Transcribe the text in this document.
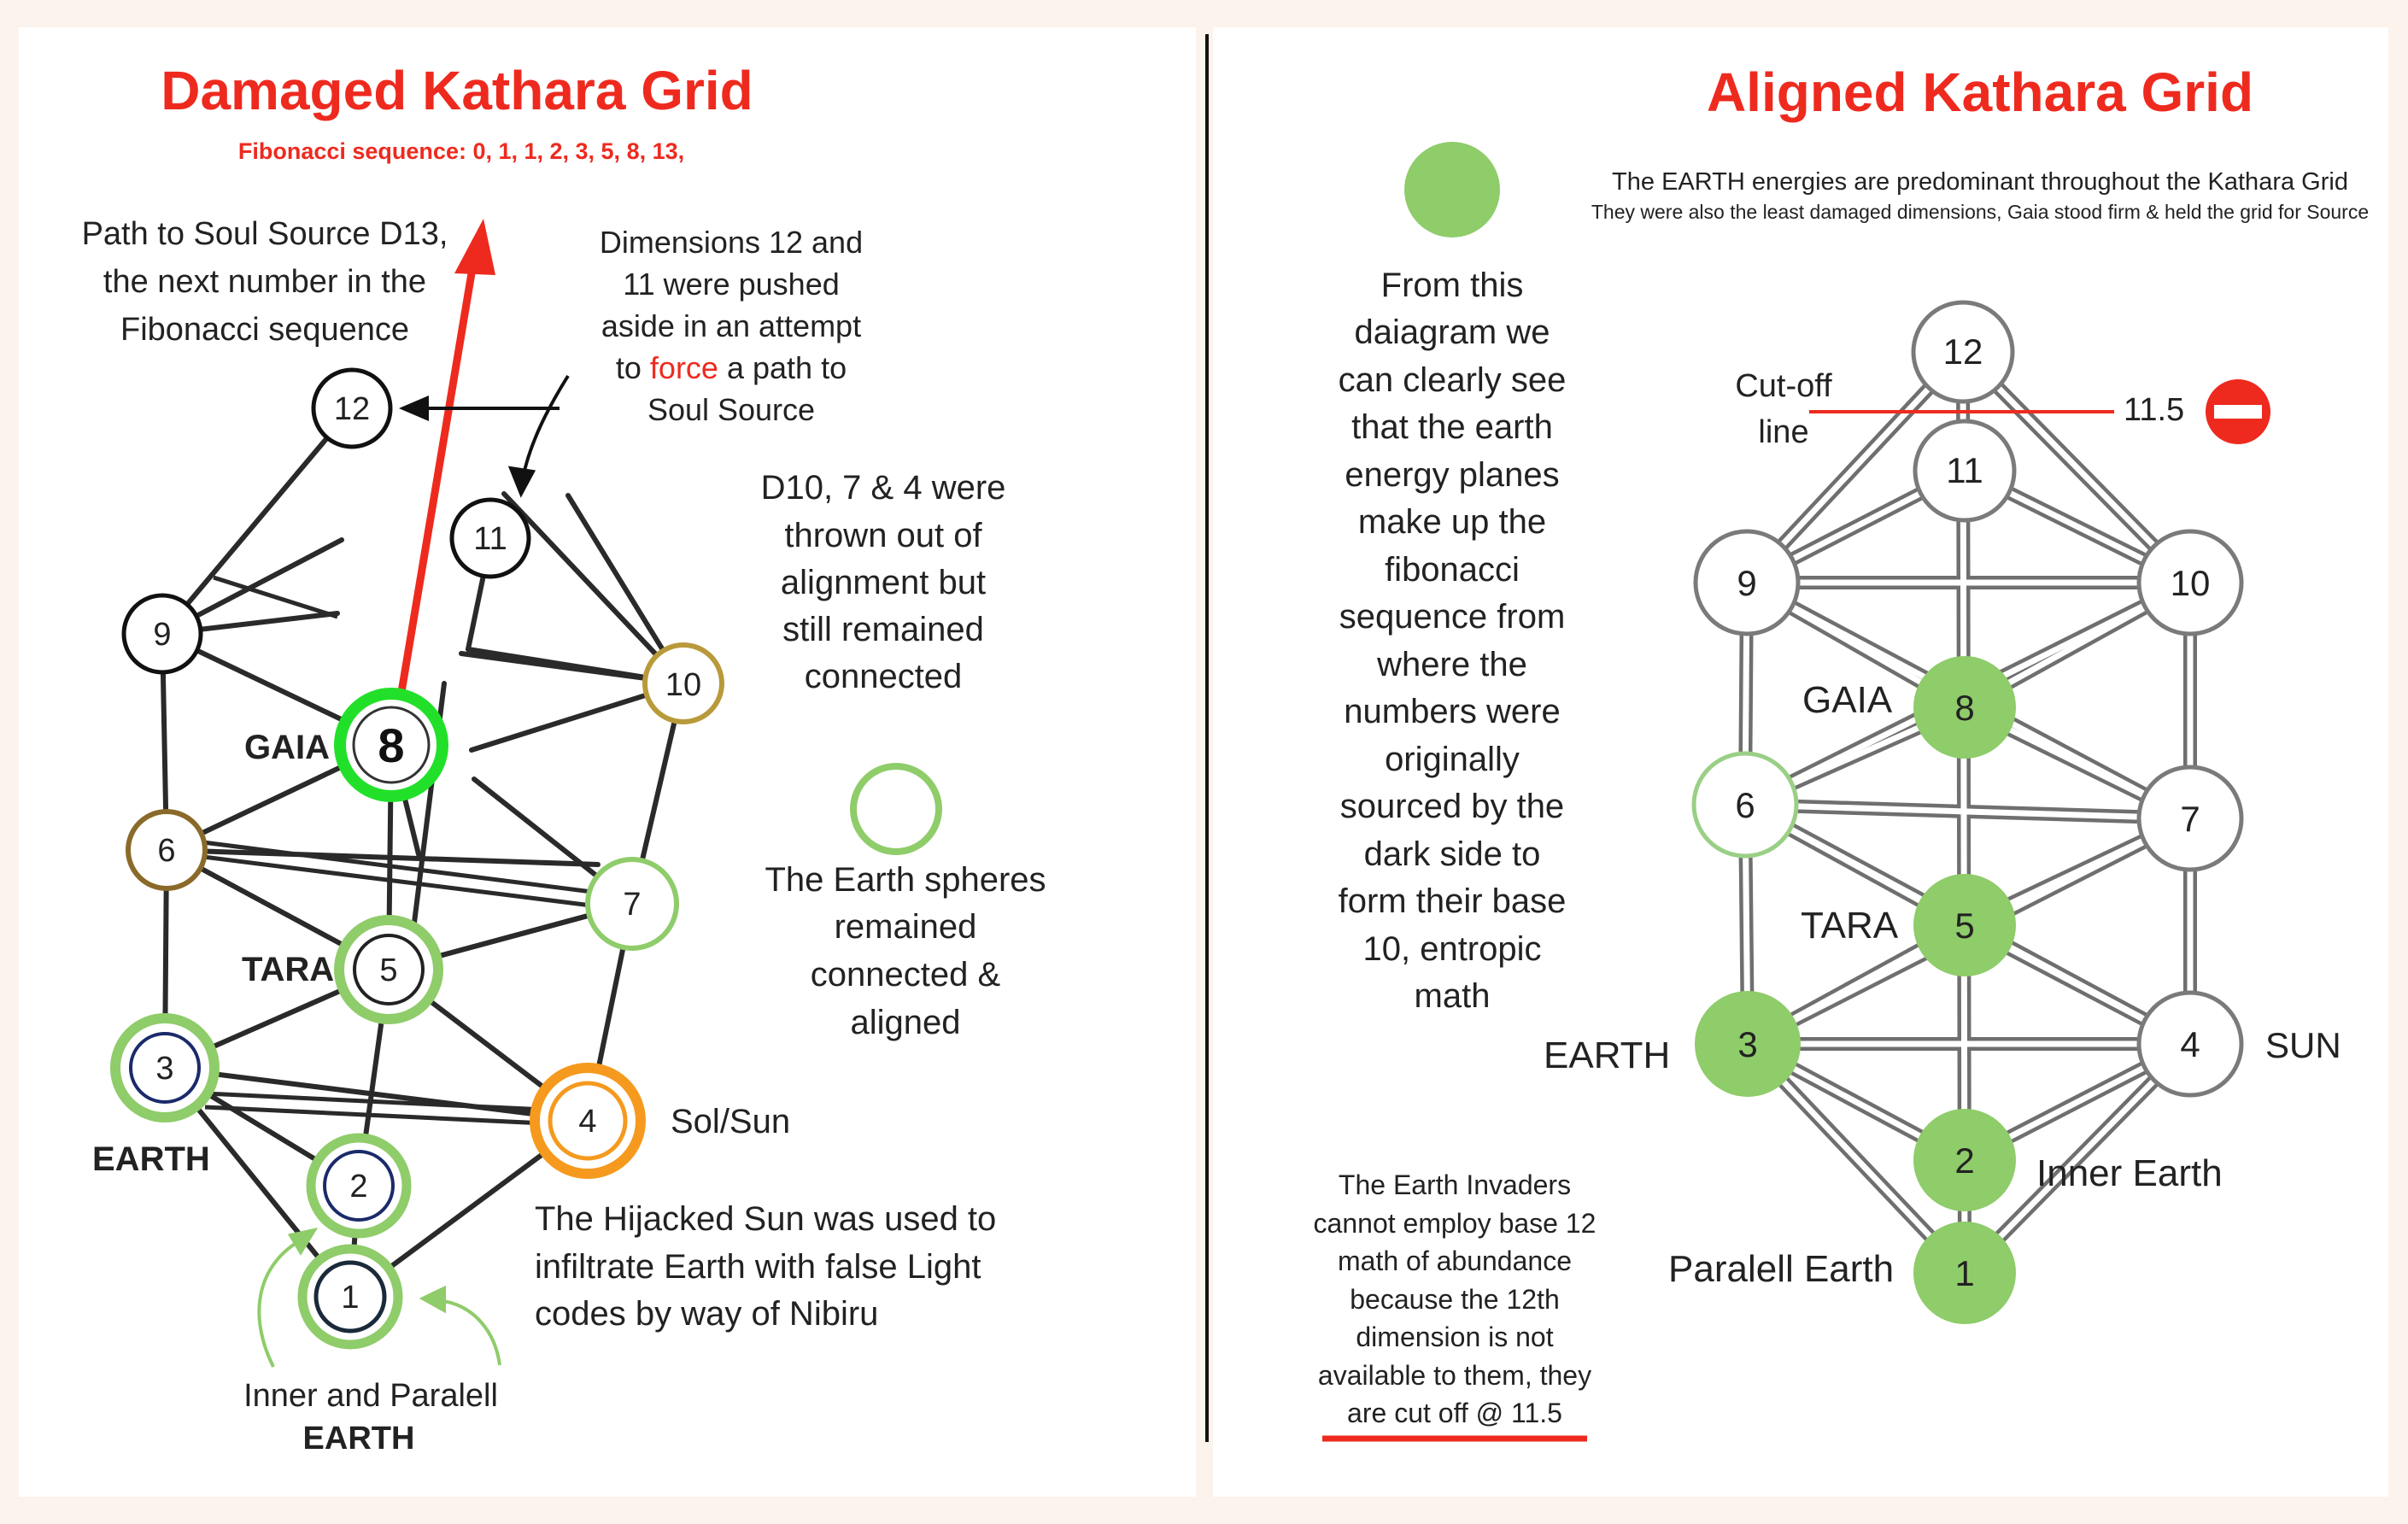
Damaged Kathara Grid
Fibonacci sequence: 0, 1, 1, 2, 3, 5, 8, 13,
12
11
10
9
8
7
6
5
4
3
2
1
GAIA
TARA
EARTH
Sol/Sun
Path to Soul Source D13,
the next number in the
Fibonacci sequence
Dimensions 12 and
11 were pushed
aside in an attempt
to force a path to
Soul Source
D10, 7 & 4 were
thrown out of
alignment but
still remained
connected
The Earth spheres
remained
connected &
aligned
The Hijacked Sun was used to
infiltrate Earth with false Light
codes by way of Nibiru
Inner and Paralell
EARTH
Aligned Kathara Grid
The EARTH energies are predominant throughout the Kathara Grid
They were also the least damaged dimensions, Gaia stood firm & held the grid for Source
Cut-off
line
11.5
12
11
10
9
8
7
6
5
4
3
2
1
GAIA
TARA
EARTH	SUN
Inner Earth
Paralell Earth
From this
daiagram we
can clearly see
that the earth
energy planes
make up the
fibonacci
sequence from
where the
numbers were
originally
sourced by the
dark side to
form their base
10, entropic
math
The Earth Invaders
cannot employ base 12
math of abundance
because the 12th
dimension is not
available to them, they
are cut off @ 11.5
